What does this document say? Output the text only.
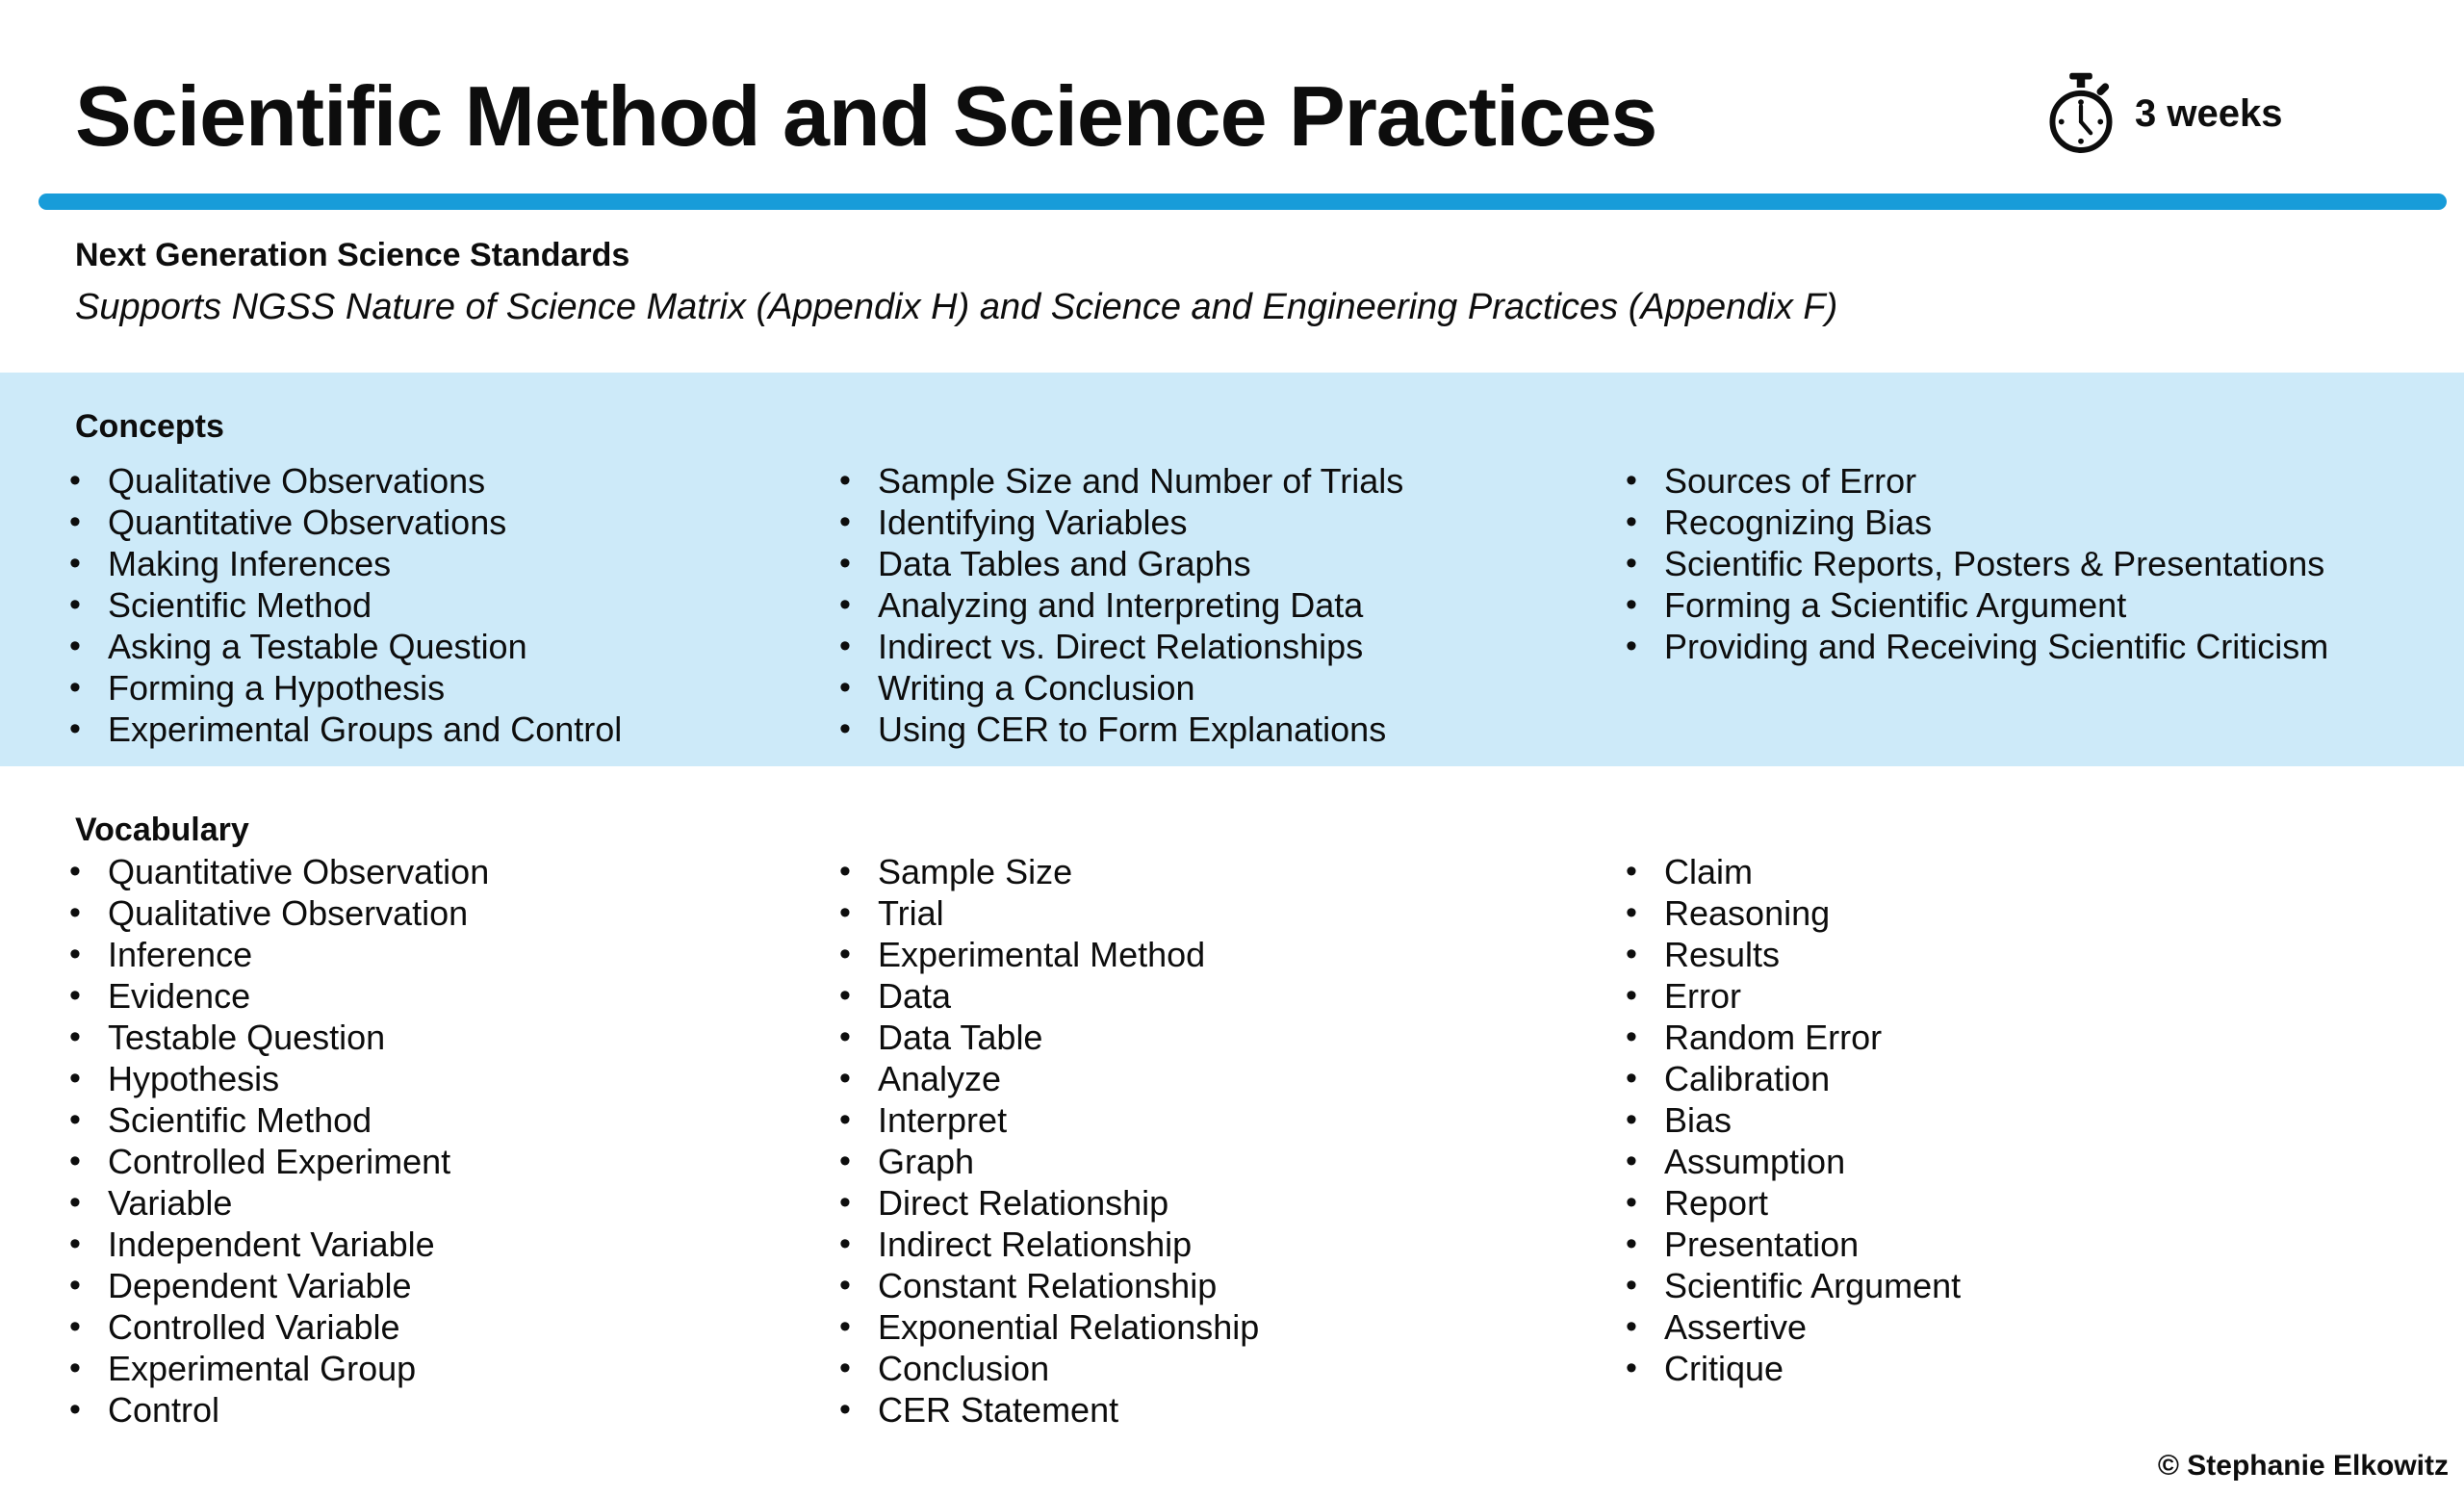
Scientific Method and Science Practices	3 weeks
Next Generation Science Standards
Supports NGSS Nature of Science Matrix (Appendix H) and Science and Engineering Practices (Appendix F)
Concepts
• Qualitative Observations
• Quantitative Observations
• Making Inferences
• Scientific Method
• Asking a Testable Question
• Forming a Hypothesis
• Experimental Groups and Control
• Sample Size and Number of Trials
• Identifying Variables
• Data Tables and Graphs
• Analyzing and Interpreting Data
• Indirect vs. Direct Relationships
• Writing a Conclusion
• Using CER to Form Explanations
• Sources of Error
• Recognizing Bias
• Scientific Reports, Posters & Presentations
• Forming a Scientific Argument
• Providing and Receiving Scientific Criticism
Vocabulary
• Quantitative Observation
• Qualitative Observation
• Inference
• Evidence
• Testable Question
• Hypothesis
• Scientific Method
• Controlled Experiment
• Variable
• Independent Variable
• Dependent Variable
• Controlled Variable
• Experimental Group
• Control
• Sample Size
• Trial
• Experimental Method
• Data
• Data Table
• Analyze
• Interpret
• Graph
• Direct Relationship
• Indirect Relationship
• Constant Relationship
• Exponential Relationship
• Conclusion
• CER Statement
• Claim
• Reasoning
• Results
• Error
• Random Error
• Calibration
• Bias
• Assumption
• Report
• Presentation
• Scientific Argument
• Assertive
• Critique
© Stephanie Elkowitz
